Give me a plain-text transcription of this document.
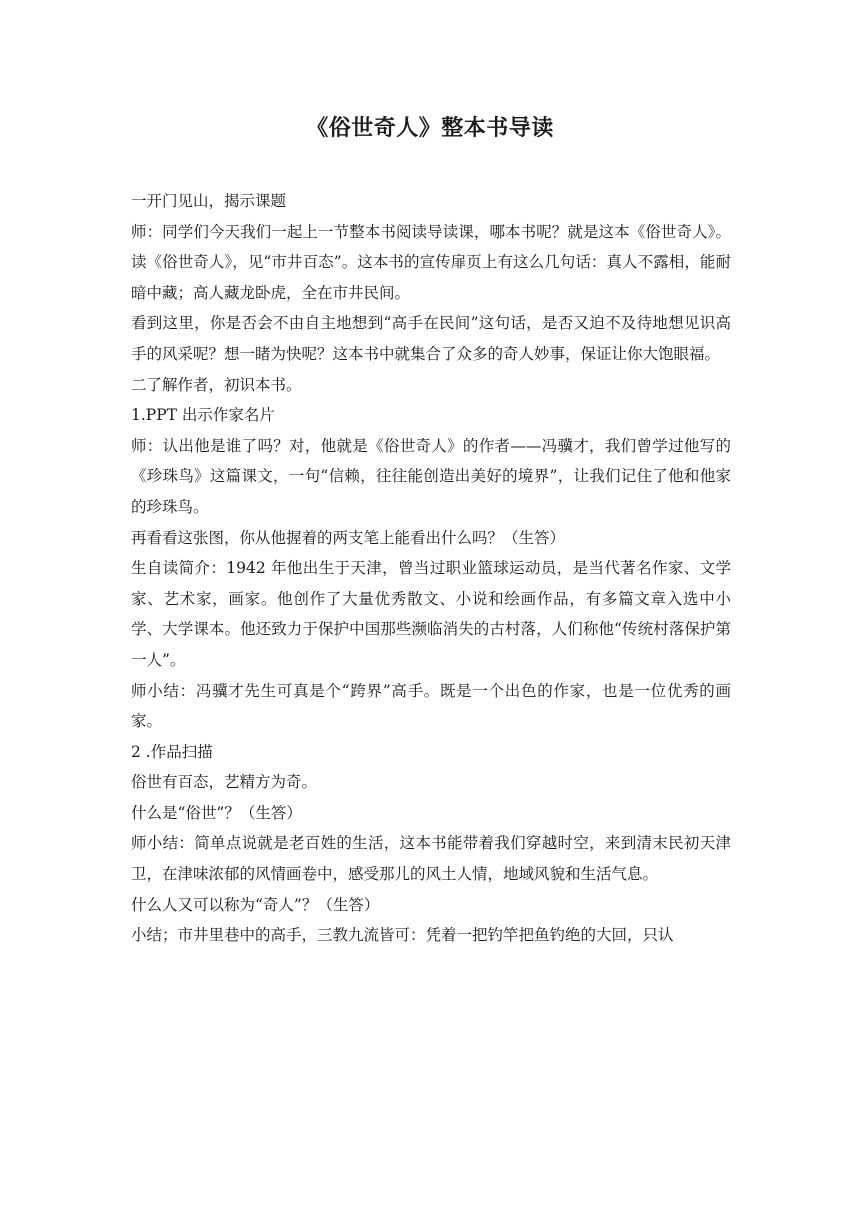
《俗世奇人》整本书导读

一开门见山，揭示课题

师：同学们今天我们一起上一节整本书阅读导读课，哪本书呢？就是这本《俗世奇人》。读《俗世奇人》，见“市井百态”。这本书的宣传扉页上有这么几句话：真人不露相，能耐暗中藏；高人藏龙卧虎，全在市井民间。

看到这里，你是否会不由自主地想到“高手在民间”这句话，是否又迫不及待地想见识高手的风采呢？想一睹为快呢？这本书中就集合了众多的奇人妙事，保证让你大饱眼福。

二了解作者，初识本书。

1.PPT 出示作家名片

师：认出他是谁了吗？对，他就是《俗世奇人》的作者——冯骥才，我们曾学过他写的《珍珠鸟》这篇课文，一句“信赖，往往能创造出美好的境界”，让我们记住了他和他家的珍珠鸟。

再看看这张图，你从他握着的两支笔上能看出什么吗？（生答）

生自读简介：1942 年他出生于天津，曾当过职业篮球运动员，是当代著名作家、文学家、艺术家，画家。他创作了大量优秀散文、小说和绘画作品，有多篇文章入选中小学、大学课本。他还致力于保护中国那些濒临消失的古村落，人们称他“传统村落保护第一人”。

师小结：冯骥才先生可真是个“跨界”高手。既是一个出色的作家，也是一位优秀的画家。

2 .作品扫描

俗世有百态，艺精方为奇。

什么是“俗世”？（生答）

师小结：简单点说就是老百姓的生活，这本书能带着我们穿越时空，来到清末民初天津卫，在津味浓郁的风情画卷中，感受那儿的风土人情，地域风貌和生活气息。

什么人又可以称为“奇人”？（生答）

小结；市井里巷中的高手，三教九流皆可：凭着一把钓竿把鱼钓绝的大回，只认
